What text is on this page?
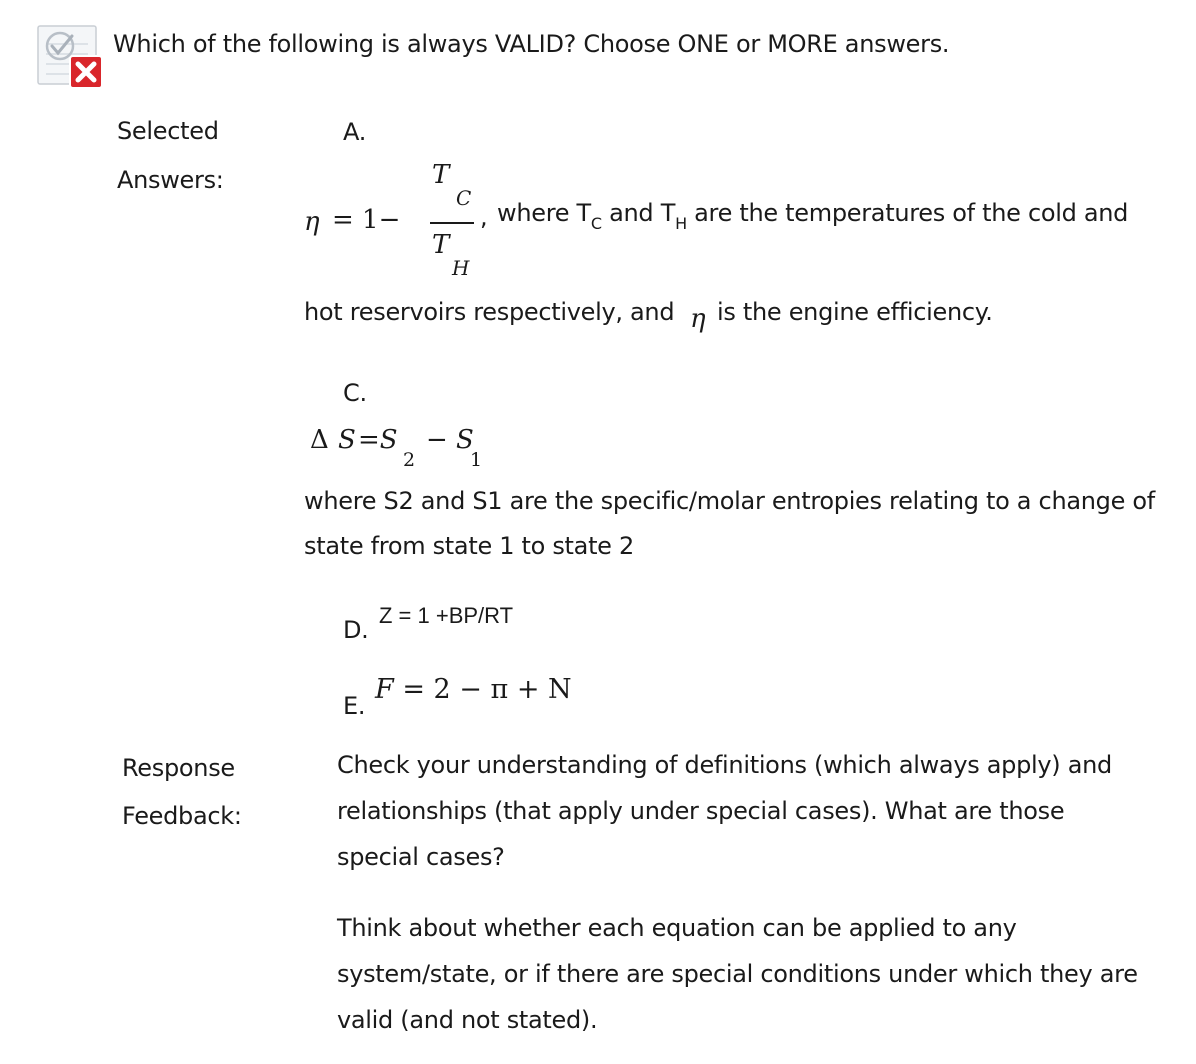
Which of the following is always VALID? Choose ONE or MORE answers.
Selected
Answers:
A.
η = 1−
T
C
T
H
, where $T_C$ and $T_H$ are the temperatures of the cold and
hot reservoirs respectively, and η is the engine efficiency.
C.
Δ S =S
2
− S
1
where S2 and S1 are the specific/molar entropies relating to a change of
state from state 1 to state 2
D.
Z = 1 +BP/RT
E.
F = 2 − π + N
Response
Feedback:
Check your understanding of definitions (which always apply) and
relationships (that apply under special cases). What are those
special cases?
Think about whether each equation can be applied to any
system/state, or if there are special conditions under which they are
valid (and not stated).
